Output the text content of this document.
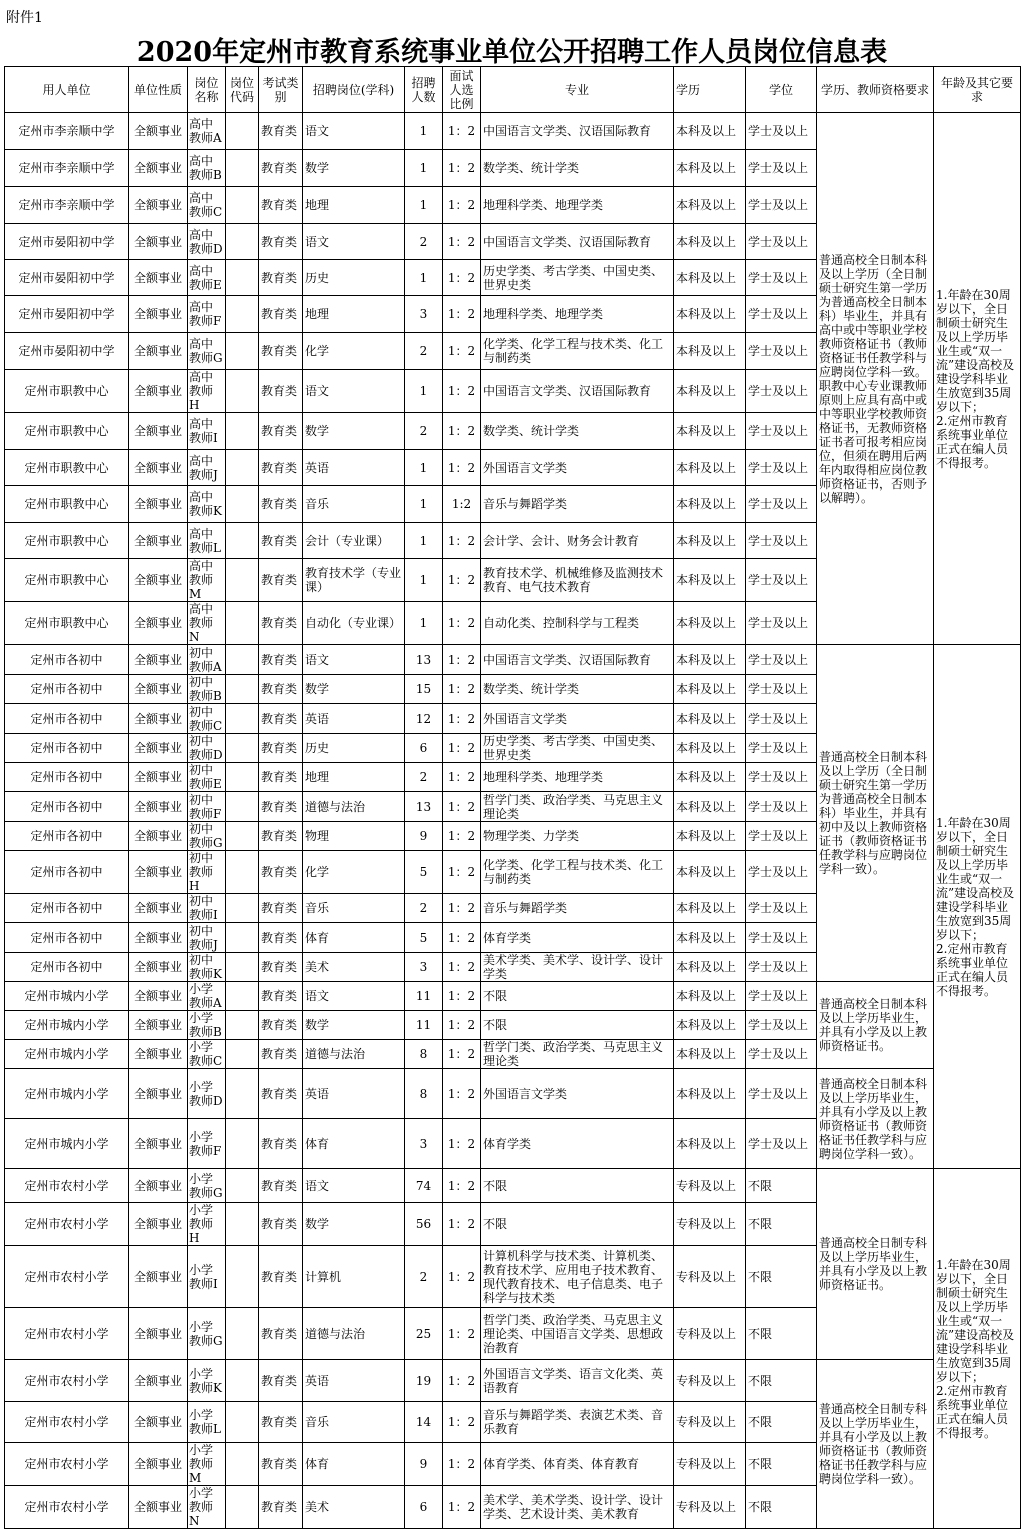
附件1
2020年定州市教育系统事业单位公开招聘工作人员岗位信息表
用人单位	单位性质	岗位名称	岗位代码	考试类别	招聘岗位(学科)	招聘人数	面试人选比例	专业	学历	学位	学历、教师资格要求	年龄及其它要求
定州市李亲顺中学	全额事业	高中教师A		教育类	语文	1	1：2	中国语言文学类、汉语国际教育	本科及以上	学士及以上	普通高校全日制本科及以上学历（全日制硕士研究生第一学历为普通高校全日制本科）毕业生，并具有高中或中等职业学校教师资格证书（教师资格证书任教学科与应聘岗位学科一致。职教中心专业课教师原则上应具有高中或中等职业学校教师资格证书，无教师资格证书者可报考相应岗位，但须在聘用后两年内取得相应岗位教师资格证书，否则予以解聘）。	1.年龄在30周岁以下，全日制硕士研究生及以上学历毕业生或“双一流”建设高校及建设学科毕业生放宽到35周岁以下；
2.定州市教育系统事业单位正式在编人员不得报考。
定州市李亲顺中学	全额事业	高中教师B		教育类	数学	1	1：2	数学类、统计学类	本科及以上	学士及以上		
定州市李亲顺中学	全额事业	高中教师C		教育类	地理	1	1：2	地理科学类、地理学类	本科及以上	学士及以上		
定州市晏阳初中学	全额事业	高中教师D		教育类	语文	2	1：2	中国语言文学类、汉语国际教育	本科及以上	学士及以上		
定州市晏阳初中学	全额事业	高中教师E		教育类	历史	1	1：2	历史学类、考古学类、中国史类、世界史类	本科及以上	学士及以上		
定州市晏阳初中学	全额事业	高中教师F		教育类	地理	3	1：2	地理科学类、地理学类	本科及以上	学士及以上		
定州市晏阳初中学	全额事业	高中教师G		教育类	化学	2	1：2	化学类、化学工程与技术类、化工与制药类	本科及以上	学士及以上		
定州市职教中心	全额事业	高中教师H		教育类	语文	1	1：2	中国语言文学类、汉语国际教育	本科及以上	学士及以上		
定州市职教中心	全额事业	高中教师I		教育类	数学	2	1：2	数学类、统计学类	本科及以上	学士及以上		
定州市职教中心	全额事业	高中教师J		教育类	英语	1	1：2	外国语言文学类	本科及以上	学士及以上		
定州市职教中心	全额事业	高中教师K		教育类	音乐	1	1:2	音乐与舞蹈学类	本科及以上	学士及以上		
定州市职教中心	全额事业	高中教师L		教育类	会计（专业课）	1	1：2	会计学、会计、财务会计教育	本科及以上	学士及以上		
定州市职教中心	全额事业	高中教师M		教育类	教育技术学（专业课）	1	1：2	教育技术学、机械维修及监测技术教育、电气技术教育	本科及以上	学士及以上		
定州市职教中心	全额事业	高中教师N		教育类	自动化（专业课）	1	1：2	自动化类、控制科学与工程类	本科及以上	学士及以上		
定州市各初中	全额事业	初中教师A		教育类	语文	13	1：2	中国语言文学类、汉语国际教育	本科及以上	学士及以上	普通高校全日制本科及以上学历（全日制硕士研究生第一学历为普通高校全日制本科）毕业生，并具有初中及以上教师资格证书（教师资格证书任教学科与应聘岗位学科一致）。	1.年龄在30周岁以下，全日制硕士研究生及以上学历毕业生或“双一流”建设高校及建设学科毕业生放宽到35周岁以下；
2.定州市教育系统事业单位正式在编人员不得报考。
定州市各初中	全额事业	初中教师B		教育类	数学	15	1：2	数学类、统计学类	本科及以上	学士及以上		
定州市各初中	全额事业	初中教师C		教育类	英语	12	1：2	外国语言文学类	本科及以上	学士及以上		
定州市各初中	全额事业	初中教师D		教育类	历史	6	1：2	历史学类、考古学类、中国史类、世界史类	本科及以上	学士及以上		
定州市各初中	全额事业	初中教师E		教育类	地理	2	1：2	地理科学类、地理学类	本科及以上	学士及以上		
定州市各初中	全额事业	初中教师F		教育类	道德与法治	13	1：2	哲学门类、政治学类、马克思主义理论类	本科及以上	学士及以上		
定州市各初中	全额事业	初中教师G		教育类	物理	9	1：2	物理学类、力学类	本科及以上	学士及以上		
定州市各初中	全额事业	初中教师H		教育类	化学	5	1：2	化学类、化学工程与技术类、化工与制药类	本科及以上	学士及以上		
定州市各初中	全额事业	初中教师I		教育类	音乐	2	1：2	音乐与舞蹈学类	本科及以上	学士及以上		
定州市各初中	全额事业	初中教师J		教育类	体育	5	1：2	体育学类	本科及以上	学士及以上		
定州市各初中	全额事业	初中教师K		教育类	美术	3	1：2	美术学类、美术学、设计学、设计学类	本科及以上	学士及以上		
定州市城内小学	全额事业	小学教师A		教育类	语文	11	1：2	不限	本科及以上	学士及以上	普通高校全日制本科及以上学历毕业生，并具有小学及以上教师资格证书。	
定州市城内小学	全额事业	小学教师B		教育类	数学	11	1：2	不限	本科及以上	学士及以上		
定州市城内小学	全额事业	小学教师C		教育类	道德与法治	8	1：2	哲学门类、政治学类、马克思主义理论类	本科及以上	学士及以上		
定州市城内小学	全额事业	小学教师D		教育类	英语	8	1：2	外国语言文学类	本科及以上	学士及以上	普通高校全日制本科及以上学历毕业生，并具有小学及以上教师资格证书（教师资格证书任教学科与应聘岗位学科一致）。	
定州市城内小学	全额事业	小学教师F		教育类	体育	3	1：2	体育学类	本科及以上	学士及以上		
定州市农村小学	全额事业	小学教师G		教育类	语文	74	1：2	不限	专科及以上	不限	普通高校全日制专科及以上学历毕业生，并具有小学及以上教师资格证书。	1.年龄在30周岁以下，全日制硕士研究生及以上学历毕业生或“双一流”建设高校及建设学科毕业生放宽到35周岁以下；
2.定州市教育系统事业单位正式在编人员不得报考。
定州市农村小学	全额事业	小学教师H		教育类	数学	56	1：2	不限	专科及以上	不限		
定州市农村小学	全额事业	小学教师I		教育类	计算机	2	1：2	计算机科学与技术类、计算机类、教育技术学、应用电子技术教育、现代教育技术、电子信息类、电子科学与技术类	专科及以上	不限		
定州市农村小学	全额事业	小学教师G		教育类	道德与法治	25	1：2	哲学门类、政治学类、马克思主义理论类、中国语言文学类、思想政治教育	专科及以上	不限		
定州市农村小学	全额事业	小学教师K		教育类	英语	19	1：2	外国语言文学类、语言文化类、英语教育	专科及以上	不限	普通高校全日制专科及以上学历毕业生，并具有小学及以上教师资格证书（教师资格证书任教学科与应聘岗位学科一致）。	
定州市农村小学	全额事业	小学教师L		教育类	音乐	14	1：2	音乐与舞蹈学类、表演艺术类、音乐教育	专科及以上	不限		
定州市农村小学	全额事业	小学教师M		教育类	体育	9	1：2	体育学类、体育类、体育教育	专科及以上	不限		
定州市农村小学	全额事业	小学教师N		教育类	美术	6	1：2	美术学、美术学类、设计学、设计学类、艺术设计类、美术教育	专科及以上	不限		
